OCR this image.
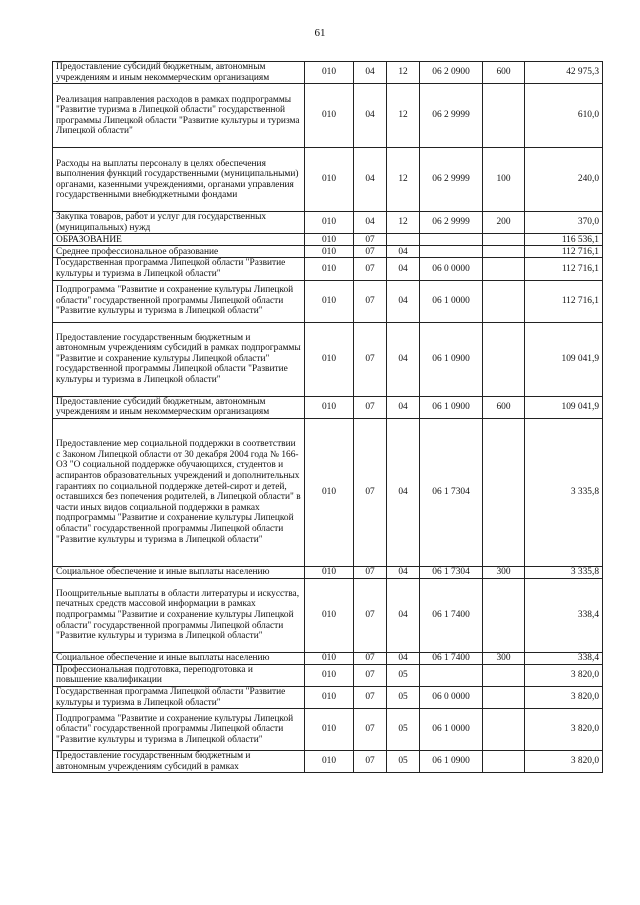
61
Предоставление субсидий бюджетным, автономным учреждениям и иным некоммерческим организациям	010	04	12	06 2 0900	600	42 975,3
Реализация направления расходов в рамках подпрограммы "Развитие туризма в Липецкой области" государственной программы Липецкой области "Развитие культуры и туризма Липецкой области"	010	04	12	06 2 9999		610,0
Расходы на выплаты персоналу в целях обеспечения выполнения функций государственными (муниципальными) органами, казенными учреждениями, органами управления государственными внебюджетными фондами	010	04	12	06 2 9999	100	240,0
Закупка товаров, работ и услуг для государственных (муниципальных) нужд	010	04	12	06 2 9999	200	370,0
ОБРАЗОВАНИЕ	010	07				116 536,1
Среднее профессиональное образование	010	07	04			112 716,1
Государственная программа Липецкой области "Развитие культуры и туризма в Липецкой области"	010	07	04	06 0 0000		112 716,1
Подпрограмма "Развитие и сохранение культуры Липецкой области" государственной программы Липецкой области "Развитие культуры и туризма в Липецкой области"	010	07	04	06 1 0000		112 716,1
Предоставление государственным бюджетным и автономным учреждениям субсидий в рамках подпрограммы "Развитие и сохранение культуры Липецкой области" государственной программы Липецкой области "Развитие культуры и туризма в Липецкой области"	010	07	04	06 1 0900		109 041,9
Предоставление субсидий бюджетным, автономным учреждениям и иным некоммерческим организациям	010	07	04	06 1 0900	600	109 041,9
Предоставление мер социальной поддержки в соответствии с Законом Липецкой области от 30 декабря 2004 года № 166-ОЗ "О социальной поддержке обучающихся, студентов и аспирантов образовательных учреждений и дополнительных гарантиях по социальной поддержке детей-сирот и детей, оставшихся без попечения родителей, в Липецкой области" в части иных видов социальной поддержки в рамках подпрограммы "Развитие и сохранение культуры Липецкой области" государственной программы Липецкой области "Развитие культуры и туризма в Липецкой области"	010	07	04	06 1 7304		3 335,8
Социальное обеспечение и иные выплаты населению	010	07	04	06 1 7304	300	3 335,8
Поощрительные выплаты в области литературы и искусства, печатных средств массовой информации в рамках подпрограммы "Развитие и сохранение культуры Липецкой области" государственной программы Липецкой области "Развитие культуры и туризма в Липецкой области"	010	07	04	06 1 7400		338,4
Социальное обеспечение и иные выплаты населению	010	07	04	06 1 7400	300	338,4
Профессиональная подготовка, переподготовка и повышение квалификации	010	07	05			3 820,0
Государственная программа Липецкой области "Развитие культуры и туризма в Липецкой области"	010	07	05	06 0 0000		3 820,0
Подпрограмма "Развитие и сохранение культуры Липецкой области" государственной программы Липецкой области "Развитие культуры и туризма в Липецкой области"	010	07	05	06 1 0000		3 820,0
Предоставление государственным бюджетным и автономным учреждениям субсидий в рамках	010	07	05	06 1 0900		3 820,0
